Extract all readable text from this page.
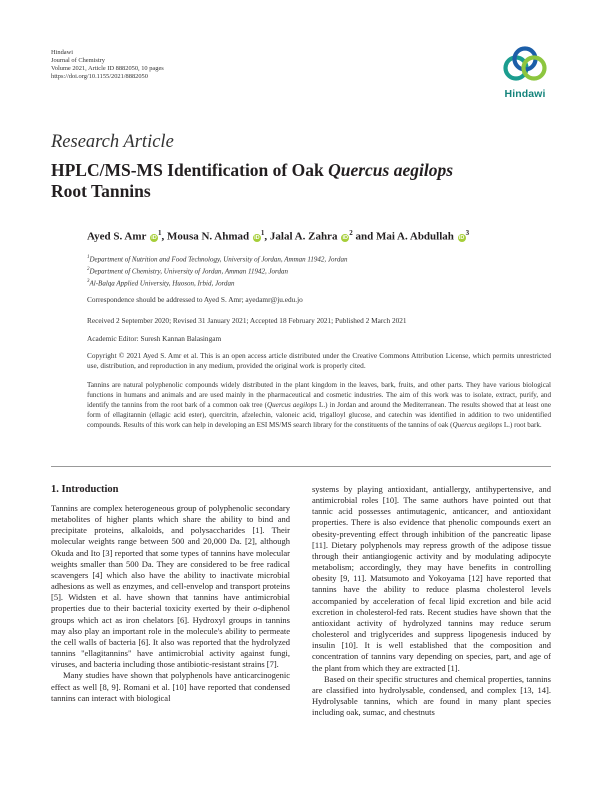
Hindawi
Journal of Chemistry
Volume 2021, Article ID 8882050, 10 pages
https://doi.org/10.1155/2021/8882050
Hindawi
Research Article
HPLC/MS-MS Identification of Oak Quercus aegilops
Root Tannins
Ayed S. Amr $iD^1$, Mousa N. Ahmad $iD^1$, Jalal A. Zahra $iD^2$ and Mai A. Abdullah $iD^3$
$^1$Department of Nutrition and Food Technology, University of Jordan, Amman 11942, Jordan
$^2$Department of Chemistry, University of Jordan, Amman 11942, Jordan
$^3$Al-Balqa Applied University, Huoson, Irbid, Jordan
Correspondence should be addressed to Ayed S. Amr; ayedamr@ju.edu.jo
Received 2 September 2020; Revised 31 January 2021; Accepted 18 February 2021; Published 2 March 2021
Academic Editor: Suresh Kannan Balasingam
Copyright © 2021 Ayed S. Amr et al. This is an open access article distributed under the Creative Commons Attribution License, which permits unrestricted use, distribution, and reproduction in any medium, provided the original work is properly cited.
Tannins are natural polyphenolic compounds widely distributed in the plant kingdom in the leaves, bark, fruits, and other parts. They have various biological functions in humans and animals and are used mainly in the pharmaceutical and cosmetic industries. The aim of this work was to isolate, extract, purify, and identify the tannins from the root bark of a common oak tree (Quercus aegilops L.) in Jordan and around the Mediterranean. The results showed that at least one form of ellagitannin (ellagic acid ester), quercitrin, afzelechin, valoneic acid, trigalloyl glucose, and catechin was identified in addition to two unidentified compounds. Results of this work can help in developing an ESI MS/MS search library for the constituents of the tannins of oak (Quercus aegilops L.) root bark.
1. Introduction

Tannins are complex heterogeneous group of polyphenolic secondary metabolites of higher plants which share the ability to bind and precipitate proteins, alkaloids, and polysaccharides [1]. Their molecular weights range between 500 and 20,000 Da. [2], although Okuda and Ito [3] reported that some types of tannins have molecular weights smaller than 500 Da. They are considered to be free radical scavengers [4] which also have the ability to inactivate microbial adhesions as well as enzymes, and cell-envelop and transport proteins [5]. Widsten et al. have shown that tannins have antimicrobial properties due to their bacterial toxicity exerted by their o-diphenol groups which act as iron chelators [6]. Hydroxyl groups in tannins may also play an important role in the molecule's ability to permeate the cell walls of bacteria [6]. It also was reported that the hydrolyzed tannins "ellagitannins" have antimicrobial activity against fungi, viruses, and bacteria including those antibiotic-resistant strains [7].

Many studies have shown that polyphenols have anticarcinogenic effect as well [8, 9]. Romani et al. [10] have reported that condensed tannins can interact with biological

systems by playing antioxidant, antiallergy, antihypertensive, and antimicrobial roles [10]. The same authors have pointed out that tannic acid possesses antimutagenic, anticancer, and antioxidant properties. There is also evidence that phenolic compounds exert an obesity-preventing effect through inhibition of the pancreatic lipase [11]. Dietary polyphenols may repress growth of the adipose tissue through their antiangiogenic activity and by modulating adipocyte metabolism; accordingly, they may have benefits in controlling obesity [9, 11]. Matsumoto and Yokoyama [12] have reported that tannins have the ability to reduce plasma cholesterol levels accompanied by acceleration of fecal lipid excretion and bile acid excretion in cholesterol-fed rats. Recent studies have shown that the antioxidant activity of hydrolyzed tannins may reduce serum cholesterol and triglycerides and suppress lipogenesis induced by insulin [10]. It is well established that the composition and concentration of tannins vary depending on species, part, and age of the plant from which they are extracted [1].

Based on their specific structures and chemical properties, tannins are classified into hydrolysable, condensed, and complex [13, 14]. Hydrolysable tannins, which are found in many plant species including oak, sumac, and chestnuts
